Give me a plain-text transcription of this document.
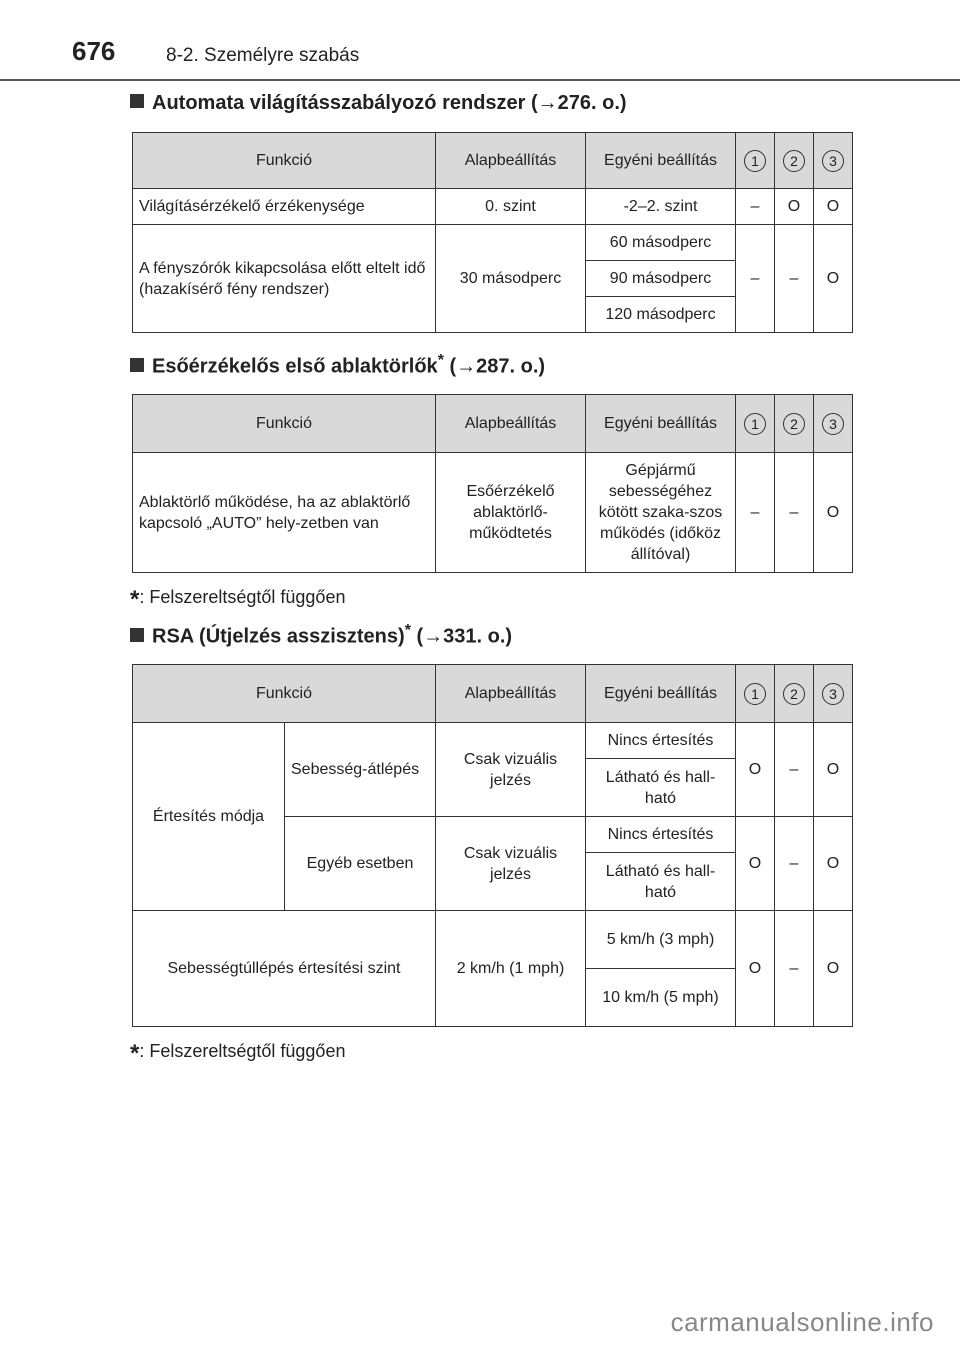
676	8-2. Személyre szabás
Automata világításszabályozó rendszer (→276. o.)
Funkció	Alapbeállítás	Egyéni beállítás	1	2	3
Világításérzékelő érzékenysége	0. szint	-2–2. szint	–	O	O
A fényszórók kikapcsolása előtt eltelt idő (hazakísérő fény rendszer)	30 másodperc	60 másodperc	–	–	O
		90 másodperc			
		120 másodperc			
Esőérzékelős első ablaktörlők* (→287. o.)
Funkció	Alapbeállítás	Egyéni beállítás	1	2	3
Ablaktörlő működése, ha az ablaktörlő kapcsoló „AUTO” hely-zetben van	Esőérzékelő ablaktörlő-működtetés	Gépjármű sebességéhez kötött szaka-szos működés (időköz állítóval)	–	–	O
*: Felszereltségtől függően
RSA (Útjelzés asszisztens)* (→331. o.)
Funkció		Alapbeállítás	Egyéni beállítás	1	2	3
Értesítés módja	Sebesség-átlépés	Csak vizuális jelzés	Nincs értesítés	O	–	O
			Látható és hall-ható			
	Egyéb esetben	Csak vizuális jelzés	Nincs értesítés	O	–	O
			Látható és hall-ható			
Sebességtúllépés értesítési szint		2 km/h (1 mph)	5 km/h (3 mph)	O	–	O
			10 km/h (5 mph)			
*: Felszereltségtől függően
carmanualsonline.info
